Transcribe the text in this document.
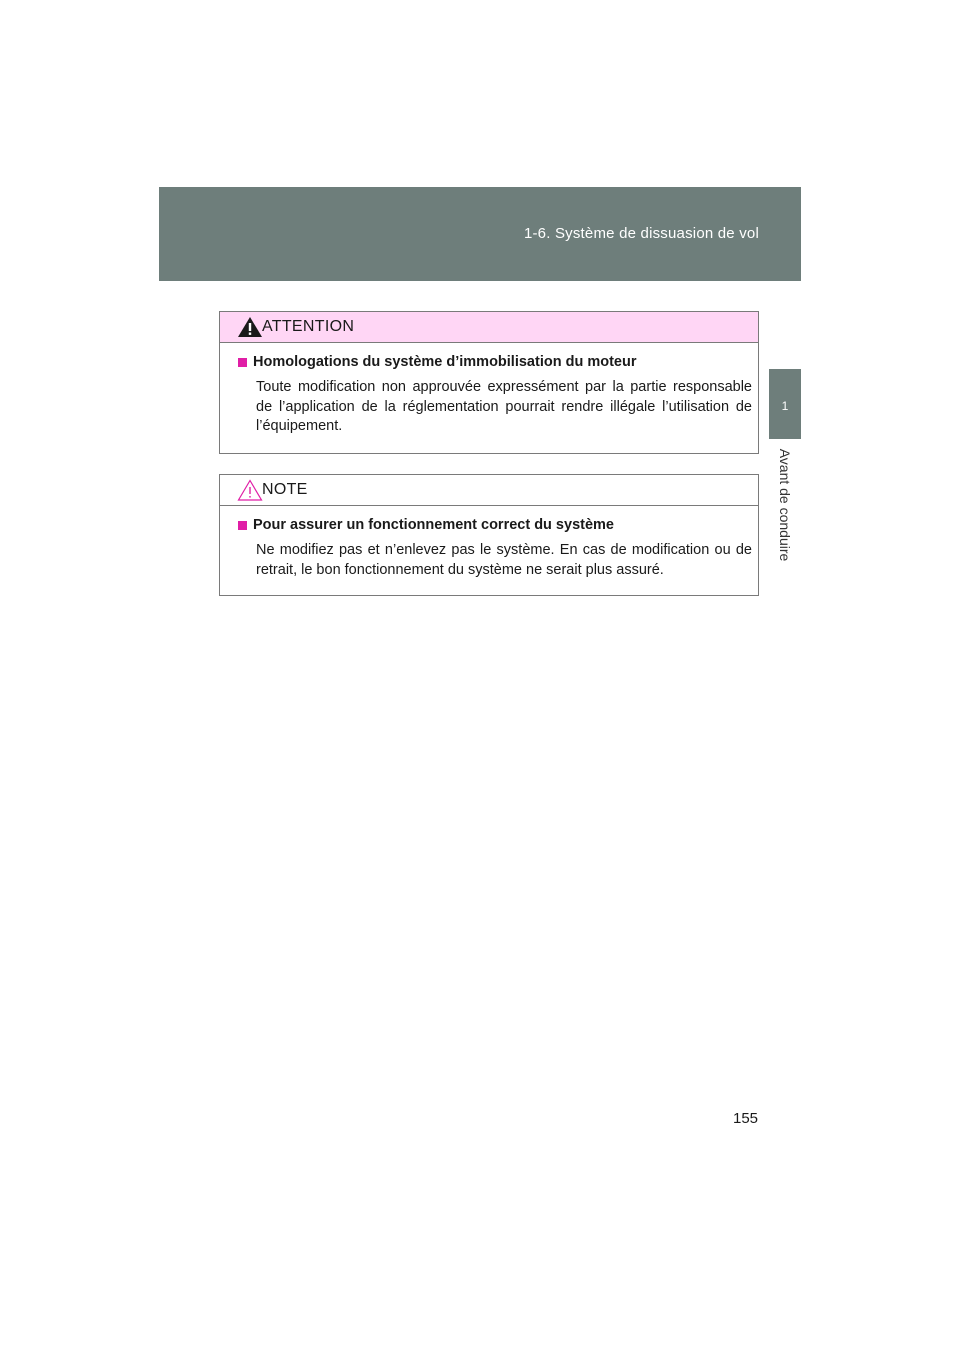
1-6. Système de dissuasion de vol
1
Avant de conduire
ATTENTION
Homologations du système d’immobilisation du moteur
Toute modification non approuvée expressément par la partie responsable de l’application de la réglementation pourrait rendre illégale l’utilisation de l’équipement.
NOTE
Pour assurer un fonctionnement correct du système
Ne modifiez pas et n’enlevez pas le système. En cas de modification ou de retrait, le bon fonctionnement du système ne serait plus assuré.
155
